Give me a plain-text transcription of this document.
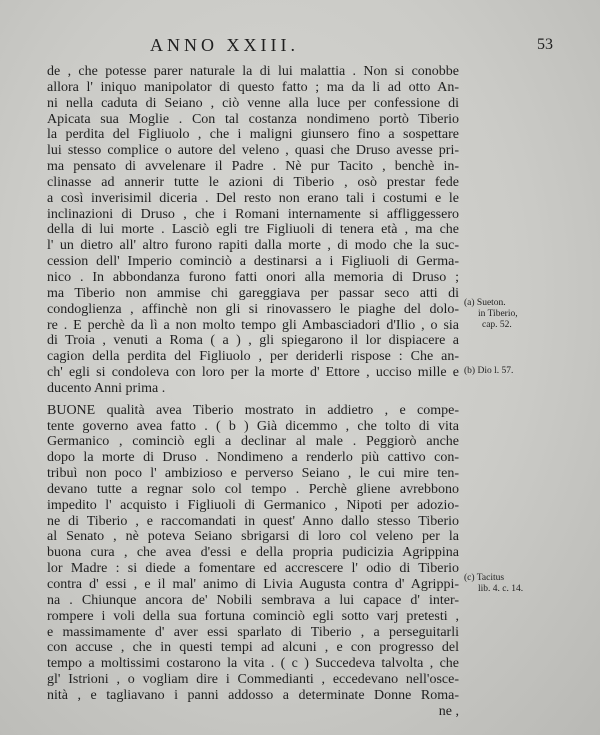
ANNO XXIII.	53
de , che potesse parer naturale la di lui malattia . Non si conobbe
allora l' iniquo manipolator di questo fatto ; ma da li ad otto An-
ni nella caduta di Seiano , ciò venne alla luce per confessione di
Apicata sua Moglie . Con tal costanza nondimeno portò Tiberio
la perdita del Figliuolo , che i maligni giunsero fino a sospettare
lui stesso complice o autore del veleno , quasi che Druso avesse pri-
ma pensato di avvelenare il Padre . Nè pur Tacito , benchè in-
clinasse ad annerir tutte le azioni di Tiberio , osò prestar fede
a così inverisimil diceria . Del resto non erano tali i costumi e le
inclinazioni di Druso , che i Romani internamente si affliggessero
della di lui morte . Lasciò egli tre Figliuoli di tenera età , ma che
l' un dietro all' altro furono rapiti dalla morte , di modo che la suc-
cession dell' Imperio cominciò a destinarsi a i Figliuoli di Germa-
nico . In abbondanza furono fatti onori alla memoria di Druso ;
ma Tiberio non ammise chi gareggiava per passar seco atti di
condoglienza , affinchè non gli si rinovassero le piaghe del dolo-
re . E perchè da lì a non molto tempo gli Ambasciadori d'Ilio , o sia
di Troia , venuti a Roma ( a ) , gli spiegarono il lor dispiacere a
cagion della perdita del Figliuolo , per deriderli rispose : Che an-
ch' egli si condoleva con loro per la morte d' Ettore , ucciso mille e
ducento Anni prima .
BUONE qualità avea Tiberio mostrato in addietro , e compe-
tente governo avea fatto . ( b ) Già dicemmo , che tolto di vita
Germanico , cominciò egli a declinar al male . Peggiorò anche
dopo la morte di Druso . Nondimeno a renderlo più cattivo con-
tribuì non poco l' ambizioso e perverso Seiano , le cui mire ten-
devano tutte a regnar solo col tempo . Perchè gliene avrebbono
impedito l' acquisto i Figliuoli di Germanico , Nipoti per adozio-
ne di Tiberio , e raccomandati in quest' Anno dallo stesso Tiberio
al Senato , nè poteva Seiano sbrigarsi di loro col veleno per la
buona cura , che avea d'essi e della propria pudicizia Agrippina
lor Madre : si diede a fomentare ed accrescere l' odio di Tiberio
contra d' essi , e il mal' animo di Livia Augusta contra d' Agrippi-
na . Chiunque ancora de' Nobili sembrava a lui capace d' inter-
rompere i voli della sua fortuna cominciò egli sotto varj pretesti ,
e massimamente d' aver essi sparlato di Tiberio , a perseguitarli
con accuse , che in questi tempi ad alcuni , e con progresso del
tempo a moltissimi costarono la vita . ( c ) Succedeva talvolta , che
gl' Istrioni , o vogliam dire i Commedianti , eccedevano nell'osce-
nità , e tagliavano i panni addosso a determinate Donne Roma-
ne ,
(a) Sueton.
in Tiberio,
cap. 52.
(b) Dio l. 57.
(c) Tacitus
lib. 4. c. 14.
